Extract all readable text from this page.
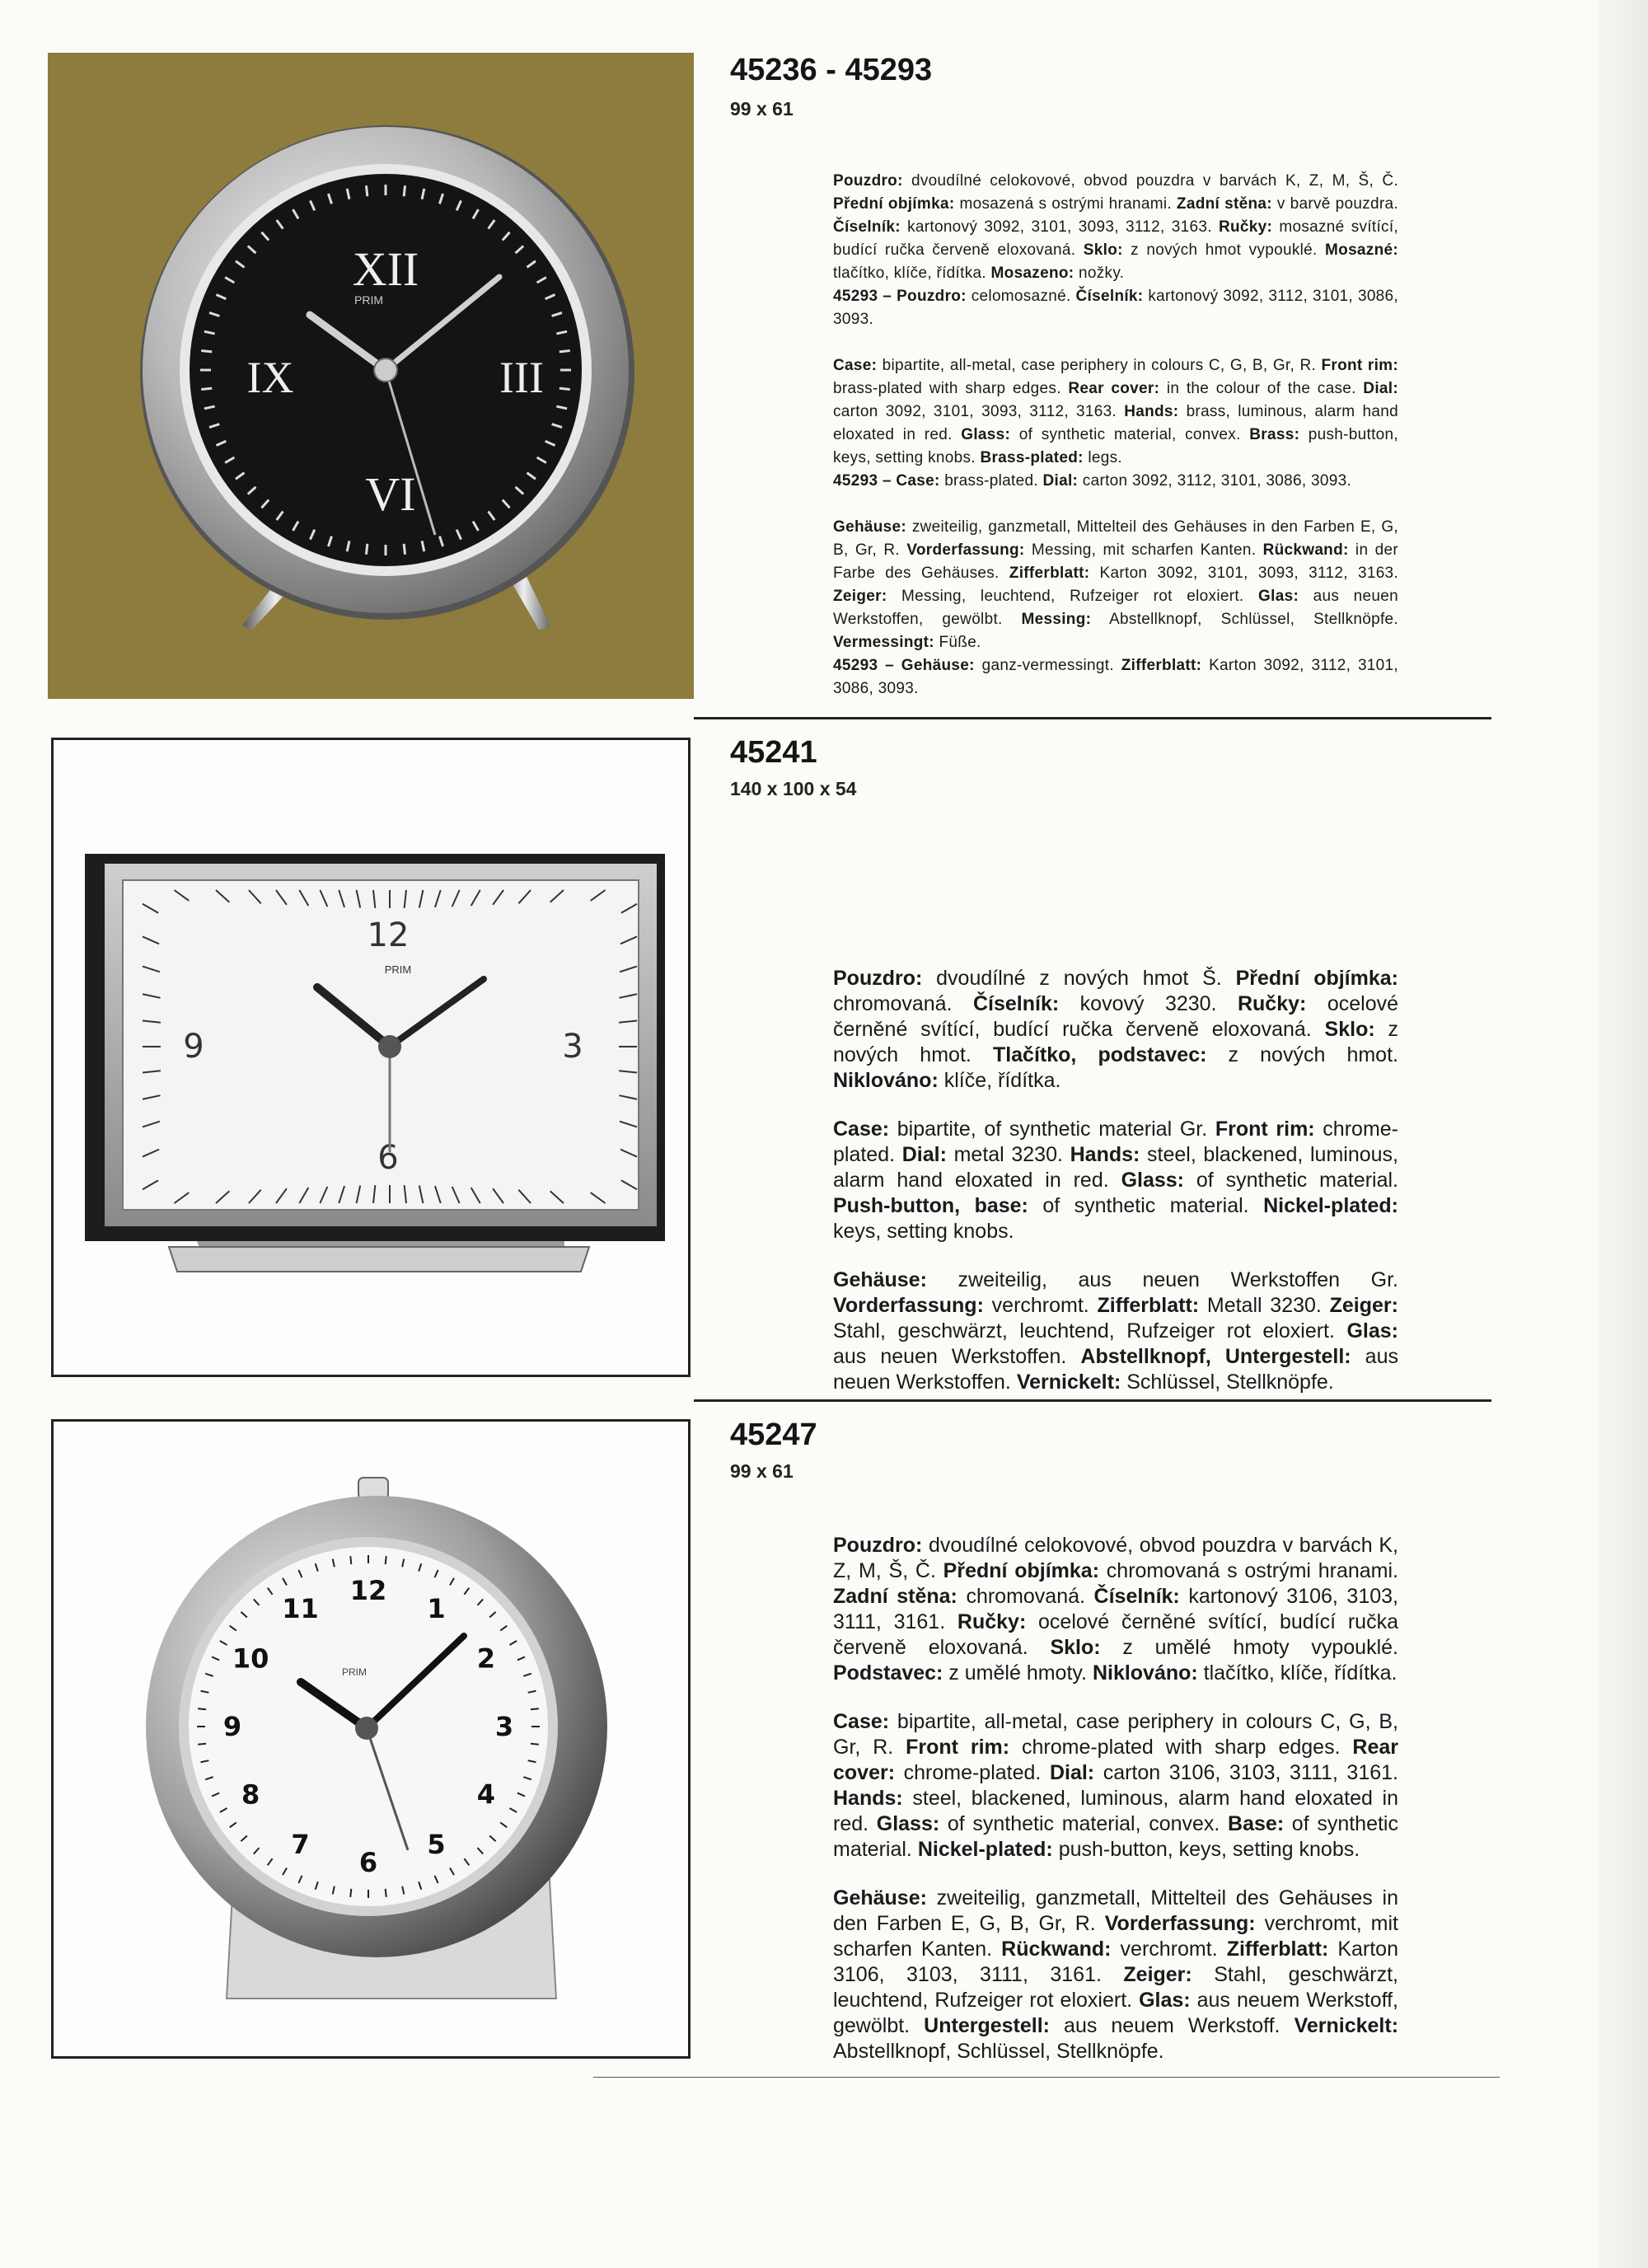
PRIM
XII
III
VI
IX
12
3
6
9
PRIM
12
1
2
3
4
5
6
7
8
9
10
11
PRIM
45236 - 45293
99 x 61

Pouzdro: dvoudílné celokovové, obvod pouzdra v barvách K, Z, M, Š, Č. Přední objímka: mosazená s ostrými hranami. Zadní stěna: v barvě pouzdra. Číselník: kartonový 3092, 3101, 3093, 3112, 3163. Ručky: mosazné svítící, budící ručka červeně eloxovaná. Sklo: z nových hmot vypouklé. Mosazné: tlačítko, klíče, řídítka. Mosazeno: nožky.
45293 – Pouzdro: celomosazné. Číselník: kartonový 3092, 3112, 3101, 3086, 3093.

Case: bipartite, all-metal, case periphery in colours C, G, B, Gr, R. Front rim: brass-plated with sharp edges. Rear cover: in the colour of the case. Dial: carton 3092, 3101, 3093, 3112, 3163. Hands: brass, luminous, alarm hand eloxated in red. Glass: of synthetic material, convex. Brass: push-button, keys, setting knobs. Brass-plated: legs.
45293 – Case: brass-plated. Dial: carton 3092, 3112, 3101, 3086, 3093.

Gehäuse: zweiteilig, ganzmetall, Mittelteil des Gehäuses in den Farben E, G, B, Gr, R. Vorderfassung: Messing, mit scharfen Kanten. Rückwand: in der Farbe des Gehäuses. Zifferblatt: Karton 3092, 3101, 3093, 3112, 3163. Zeiger: Messing, leuchtend, Rufzeiger rot eloxiert. Glas: aus neuen Werkstoffen, gewölbt. Messing: Abstellknopf, Schlüssel, Stellknöpfe. Vermessingt: Füße.
45293 – Gehäuse: ganz-vermessingt. Zifferblatt: Karton 3092, 3112, 3101, 3086, 3093.

45241
140 x 100 x 54

Pouzdro: dvoudílné z nových hmot Š. Přední objímka: chromovaná. Číselník: kovový 3230. Ručky: ocelové černěné svítící, budící ručka červeně eloxovaná. Sklo: z nových hmot. Tlačítko, podstavec: z nových hmot. Niklováno: klíče, řídítka.

Case: bipartite, of synthetic material Gr. Front rim: chrome-plated. Dial: metal 3230. Hands: steel, blackened, luminous, alarm hand eloxated in red. Glass: of synthetic material. Push-button, base: of synthetic material. Nickel-plated: keys, setting knobs.

Gehäuse: zweiteilig, aus neuen Werkstoffen Gr. Vorderfassung: verchromt. Zifferblatt: Metall 3230. Zeiger: Stahl, geschwärzt, leuchtend, Rufzeiger rot eloxiert. Glas: aus neuen Werkstoffen. Abstellknopf, Untergestell: aus neuen Werkstoffen. Vernickelt: Schlüssel, Stellknöpfe.

45247
99 x 61

Pouzdro: dvoudílné celokovové, obvod pouzdra v barvách K, Z, M, Š, Č. Přední objímka: chromovaná s ostrými hranami. Zadní stěna: chromovaná. Číselník: kartonový 3106, 3103, 3111, 3161. Ručky: ocelové černěné svítící, budící ručka červeně eloxovaná. Sklo: z umělé hmoty vypouklé. Podstavec: z umělé hmoty. Niklováno: tlačítko, klíče, řídítka.

Case: bipartite, all-metal, case periphery in colours C, G, B, Gr, R. Front rim: chrome-plated with sharp edges. Rear cover: chrome-plated. Dial: carton 3106, 3103, 3111, 3161. Hands: steel, blackened, luminous, alarm hand eloxated in red. Glass: of synthetic material, convex. Base: of synthetic material. Nickel-plated: push-button, keys, setting knobs.

Gehäuse: zweiteilig, ganzmetall, Mittelteil des Gehäuses in den Farben E, G, B, Gr, R. Vorderfassung: verchromt, mit scharfen Kanten. Rückwand: verchromt. Zifferblatt: Karton 3106, 3103, 3111, 3161. Zeiger: Stahl, geschwärzt, leuchtend, Rufzeiger rot eloxiert. Glas: aus neuem Werkstoff, gewölbt. Untergestell: aus neuem Werkstoff. Vernickelt: Abstellknopf, Schlüssel, Stellknöpfe.
